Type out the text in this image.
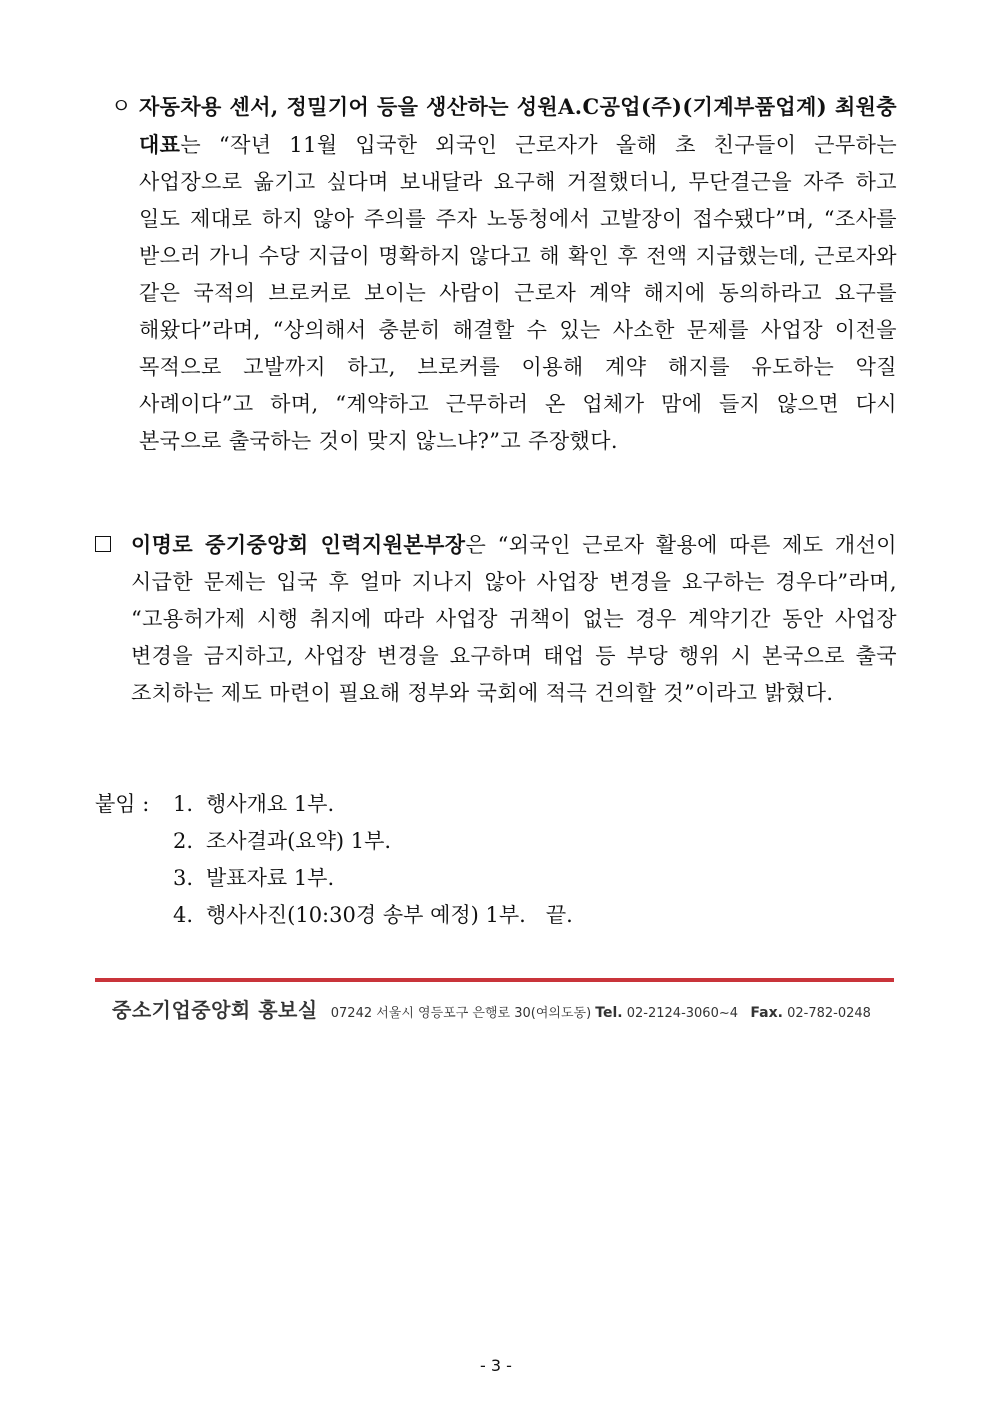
ㅇ 자동차용 센서, 정밀기어 등을 생산하는 성원A.C공업(주)(기계부품업계) 최원충 대표는 “작년 11월 입국한 외국인 근로자가 올해 초 친구들이 근무하는 사업장으로 옮기고 싶다며 보내달라 요구해 거절했더니, 무단결근을 자주 하고 일도 제대로 하지 않아 주의를 주자 노동청에서 고발장이 접수됐다”며, “조사를 받으러 가니 수당 지급이 명확하지 않다고 해 확인 후 전액 지급했는데, 근로자와 같은 국적의 브로커로 보이는 사람이 근로자 계약 해지에 동의하라고 요구를 해왔다”라며, “상의해서 충분히 해결할 수 있는 사소한 문제를 사업장 이전을 목적으로 고발까지 하고, 브로커를 이용해 계약 해지를 유도하는 악질 사례이다”고 하며, “계약하고 근무하러 온 업체가 맘에 들지 않으면 다시 본국으로 출국하는 것이 맞지 않느냐?”고 주장했다.
이명로 중기중앙회 인력지원본부장은 “외국인 근로자 활용에 따른 제도 개선이 시급한 문제는 입국 후 얼마 지나지 않아 사업장 변경을 요구하는 경우다”라며, “고용허가제 시행 취지에 따라 사업장 귀책이 없는 경우 계약기간 동안 사업장 변경을 금지하고, 사업장 변경을 요구하며 태업 등 부당 행위 시 본국으로 출국 조치하는 제도 마련이 필요해 정부와 국회에 적극 건의할 것”이라고 밝혔다.
붙임 :	1. 행사개요 1부.
2. 조사결과(요약) 1부.
3. 발표자료 1부.
4. 행사사진(10:30경 송부 예정) 1부.   끝.
중소기업중앙회 홍보실 07242 서울시 영등포구 은행로 30(여의도동) Tel. 02-2124-3060~4 Fax. 02-782-0248
- 3 -
